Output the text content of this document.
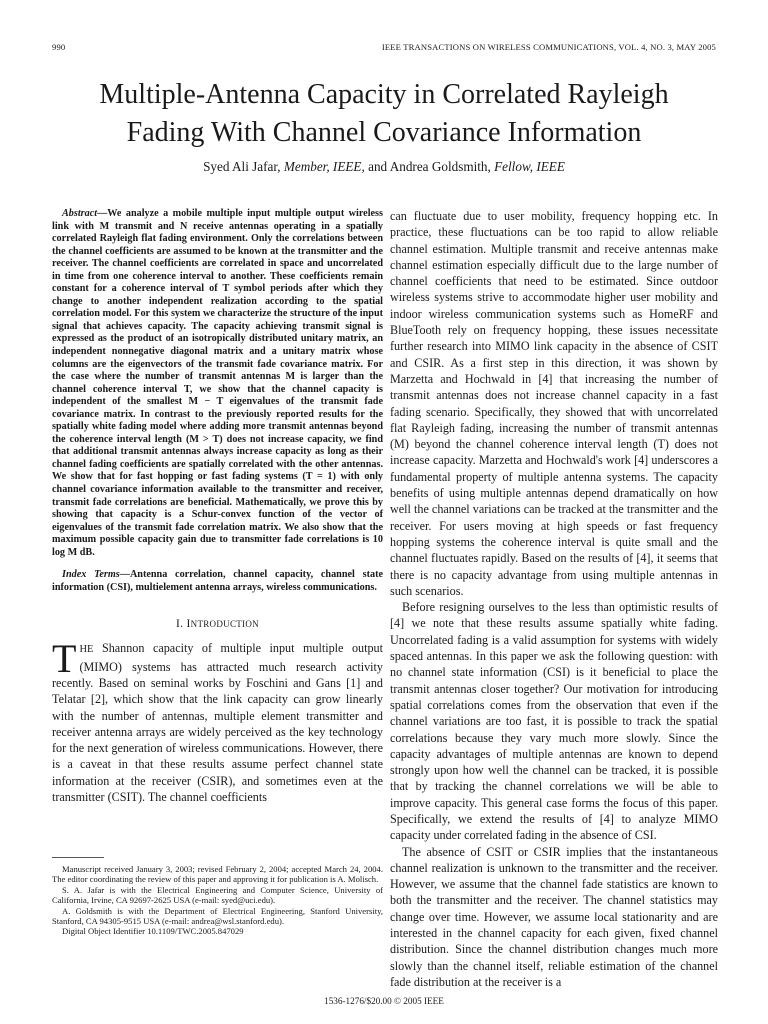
990	IEEE TRANSACTIONS ON WIRELESS COMMUNICATIONS, VOL. 4, NO. 3, MAY 2005
Multiple-Antenna Capacity in Correlated Rayleigh
Fading With Channel Covariance Information
Syed Ali Jafar, Member, IEEE, and Andrea Goldsmith, Fellow, IEEE

Abstract—We analyze a mobile multiple input multiple output wireless link with M transmit and N receive antennas operating in a spatially correlated Rayleigh flat fading environment. Only the correlations between the channel coefficients are assumed to be known at the transmitter and the receiver. The channel coefficients are correlated in space and uncorrelated in time from one coherence interval to another. These coefficients remain constant for a coherence interval of T symbol periods after which they change to another independent realization according to the spatial correlation model. For this system we characterize the structure of the input signal that achieves capacity. The capacity achieving transmit signal is expressed as the product of an isotropically distributed unitary matrix, an independent nonnegative diagonal matrix and a unitary matrix whose columns are the eigenvectors of the transmit fade covariance matrix. For the case where the number of transmit antennas M is larger than the channel coherence interval T, we show that the channel capacity is independent of the smallest M − T eigenvalues of the transmit fade covariance matrix. In contrast to the previously reported results for the spatially white fading model where adding more transmit antennas beyond the coherence interval length (M > T) does not increase capacity, we find that additional transmit antennas always increase capacity as long as their channel fading coefficients are spatially correlated with the other antennas. We show that for fast hopping or fast fading systems (T = 1) with only channel covariance information available to the transmitter and receiver, transmit fade correlations are beneficial. Mathematically, we prove this by showing that capacity is a Schur-convex function of the vector of eigenvalues of the transmit fade correlation matrix. We also show that the maximum possible capacity gain due to transmitter fade correlations is 10 log M dB.

Index Terms—Antenna correlation, channel capacity, channel state information (CSI), multielement antenna arrays, wireless communications.

I. INTRODUCTION

THE Shannon capacity of multiple input multiple output (MIMO) systems has attracted much research activity recently. Based on seminal works by Foschini and Gans [1] and Telatar [2], which show that the link capacity can grow linearly with the number of antennas, multiple element transmitter and receiver antenna arrays are widely perceived as the key technology for the next generation of wireless communications. However, there is a caveat in that these results assume perfect channel state information at the receiver (CSIR), and sometimes even at the transmitter (CSIT). The channel coefficients

Manuscript received January 3, 2003; revised February 2, 2004; accepted March 24, 2004. The editor coordinating the review of this paper and approving it for publication is A. Molisch.

S. A. Jafar is with the Electrical Engineering and Computer Science, University of California, Irvine, CA 92697-2625 USA (e-mail: syed@uci.edu).

A. Goldsmith is with the Department of Electrical Engineering, Stanford University, Stanford, CA 94305-9515 USA (e-mail: andrea@wsl.stanford.edu).

Digital Object Identifier 10.1109/TWC.2005.847029

can fluctuate due to user mobility, frequency hopping etc. In practice, these fluctuations can be too rapid to allow reliable channel estimation. Multiple transmit and receive antennas make channel estimation especially difficult due to the large number of channel coefficients that need to be estimated. Since outdoor wireless systems strive to accommodate higher user mobility and indoor wireless communication systems such as HomeRF and BlueTooth rely on frequency hopping, these issues necessitate further research into MIMO link capacity in the absence of CSIT and CSIR. As a first step in this direction, it was shown by Marzetta and Hochwald in [4] that increasing the number of transmit antennas does not increase channel capacity in a fast fading scenario. Specifically, they showed that with uncorrelated flat Rayleigh fading, increasing the number of transmit antennas (M) beyond the channel coherence interval length (T) does not increase capacity. Marzetta and Hochwald's work [4] underscores a fundamental property of multiple antenna systems. The capacity benefits of using multiple antennas depend dramatically on how well the channel variations can be tracked at the transmitter and the receiver. For users moving at high speeds or fast frequency hopping systems the coherence interval is quite small and the channel fluctuates rapidly. Based on the results of [4], it seems that there is no capacity advantage from using multiple antennas in such scenarios.

Before resigning ourselves to the less than optimistic results of [4] we note that these results assume spatially white fading. Uncorrelated fading is a valid assumption for systems with widely spaced antennas. In this paper we ask the following question: with no channel state information (CSI) is it beneficial to place the transmit antennas closer together? Our motivation for introducing spatial correlations comes from the observation that even if the channel variations are too fast, it is possible to track the spatial correlations because they vary much more slowly. Since the capacity advantages of multiple antennas are known to depend strongly upon how well the channel can be tracked, it is possible that by tracking the channel correlations we will be able to improve capacity. This general case forms the focus of this paper. Specifically, we extend the results of [4] to analyze MIMO capacity under correlated fading in the absence of CSI.

The absence of CSIT or CSIR implies that the instantaneous channel realization is unknown to the transmitter and the receiver. However, we assume that the channel fade statistics are known to both the transmitter and the receiver. The channel statistics may change over time. However, we assume local stationarity and are interested in the channel capacity for each given, fixed channel distribution. Since the channel distribution changes much more slowly than the channel itself, reliable estimation of the channel fade distribution at the receiver is a

1536-1276/$20.00 © 2005 IEEE
